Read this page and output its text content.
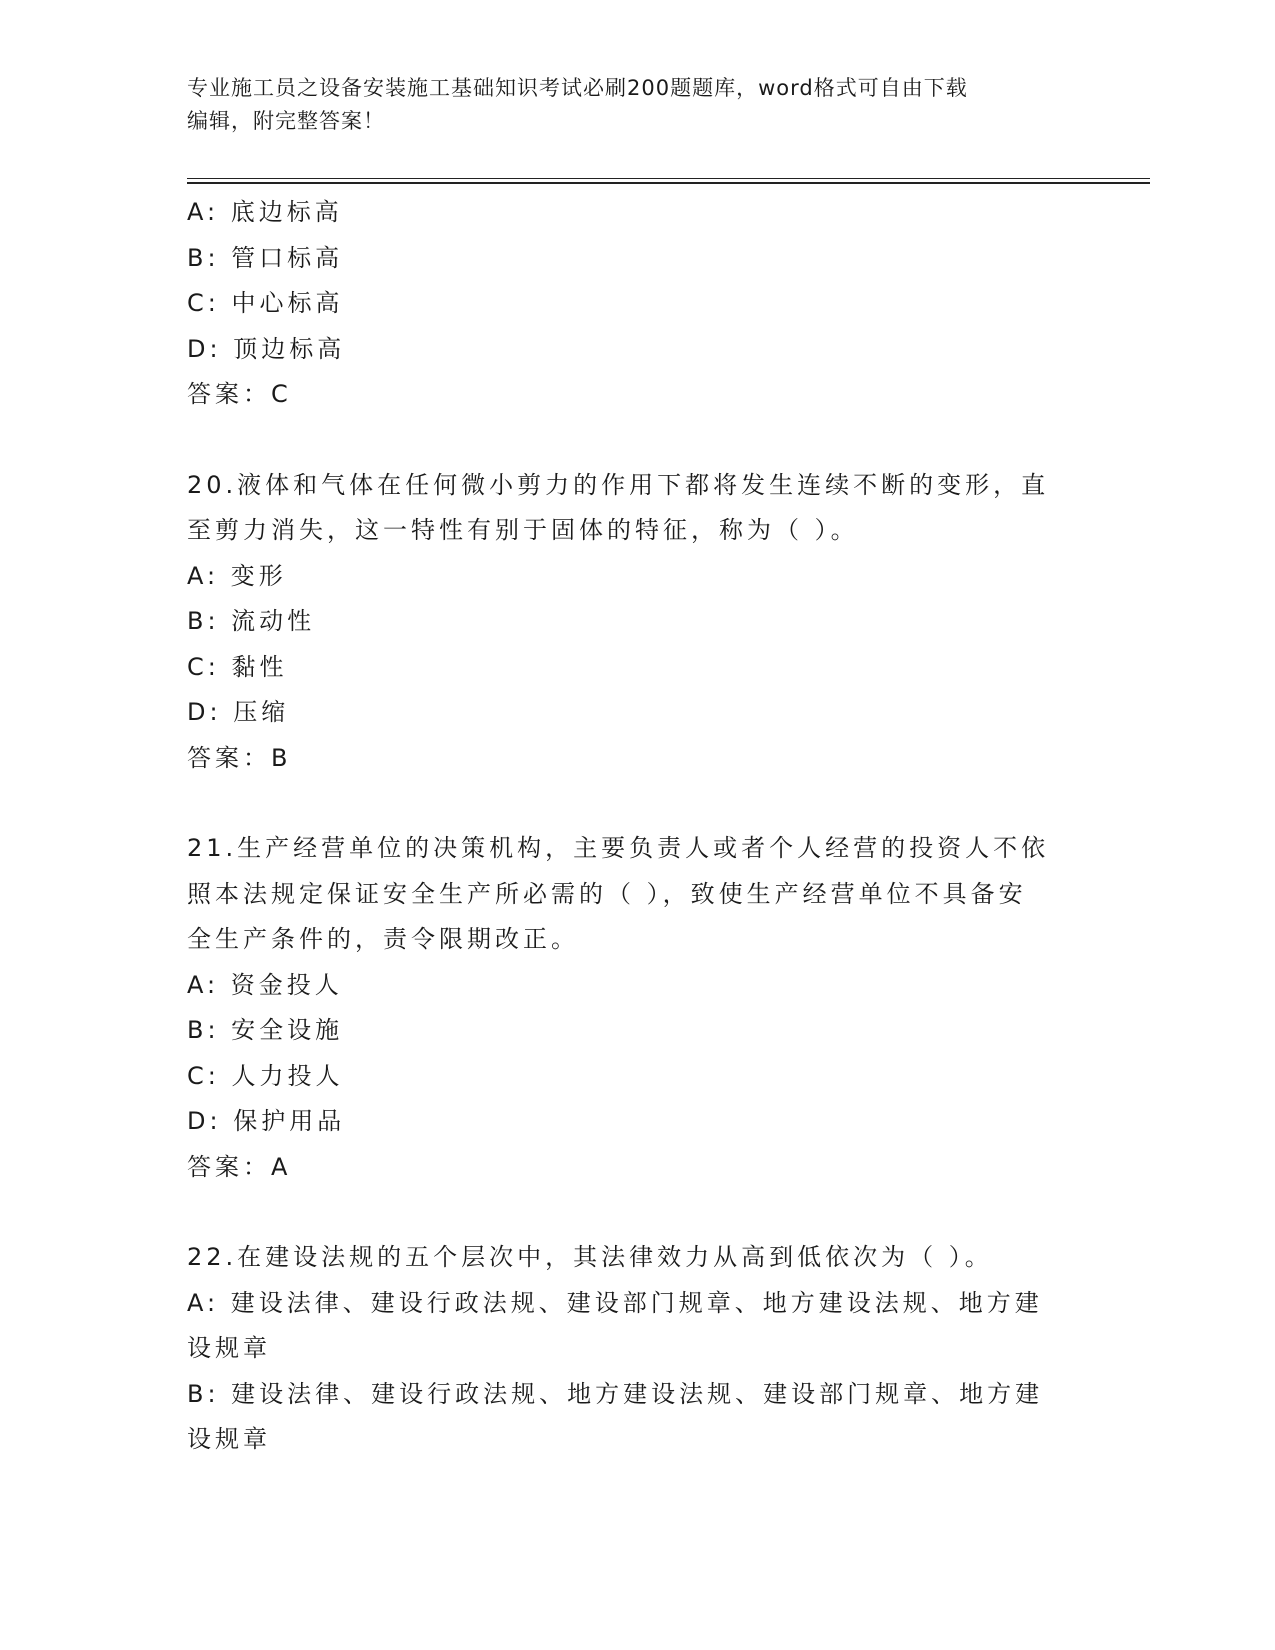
专业施工员之设备安装施工基础知识考试必刷200题题库，word格式可自由下载
编辑，附完整答案！
A: 底边标高
B: 管口标高
C: 中心标高
D: 顶边标高
答案：C
20.液体和气体在任何微小剪力的作用下都将发生连续不断的变形，直
至剪力消失，这一特性有别于固体的特征，称为（ ）。
A: 变形
B: 流动性
C: 黏性
D: 压缩
答案：B
21.生产经营单位的决策机构，主要负责人或者个人经营的投资人不依
照本法规定保证安全生产所必需的（ ），致使生产经营单位不具备安
全生产条件的，责令限期改正。
A: 资金投人
B: 安全设施
C: 人力投人
D: 保护用品
答案：A
22.在建设法规的五个层次中，其法律效力从高到低依次为（ ）。
A: 建设法律、建设行政法规、建设部门规章、地方建设法规、地方建
设规章
B: 建设法律、建设行政法规、地方建设法规、建设部门规章、地方建
设规章
